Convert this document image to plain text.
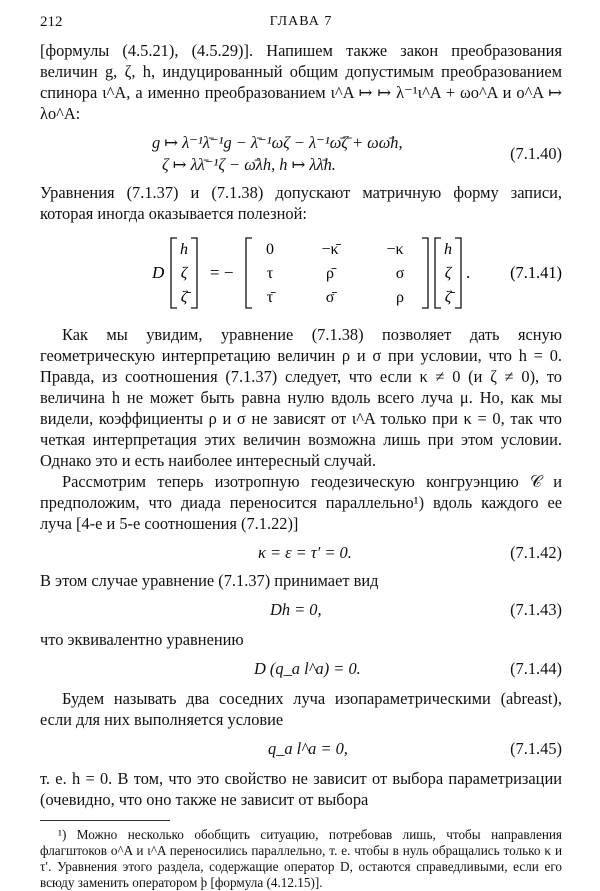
212	ГЛАВА 7

[формулы (4.5.21), (4.5.29)]. Напишем также закон преобразования величин g, ζ, h, индуцированный общим допустимым преобразованием спинора ι^A, а именно преобразованием ι^A ↦ ↦ λ⁻¹ι^A + ωo^A и o^A ↦ λo^A:

g ↦ λ⁻¹λ̄⁻¹g − λ̄⁻¹ωζ − λ⁻¹ω̄ζ̄ + ωω̄h,
ζ ↦ λλ̄⁻¹ζ − ω̄λh, h ↦ λλ̄h.
(7.1.40)

Уравнения (7.1.37) и (7.1.38) допускают матричную форму записи, которая иногда оказывается полезной:

D
h
ζ
ζ̄
= −
0	−κ̄	−κ
τ	ρ̄	σ
τ̄	σ̄	ρ
h
ζ
ζ̄
. (7.1.41)

Как мы увидим, уравнение (7.1.38) позволяет дать ясную геометрическую интерпретацию величин ρ и σ при условии, что h = 0. Правда, из соотношения (7.1.37) следует, что если κ ≠ 0 (и ζ ≠ 0), то величина h не может быть равна нулю вдоль всего луча μ. Но, как мы видели, коэффициенты ρ и σ не зависят от ι^A только при κ = 0, так что четкая интерпретация этих величин возможна лишь при этом условии. Однако это и есть наиболее интересный случай.

Рассмотрим теперь изотропную геодезическую конгруэнцию 𝒞 и предположим, что диада переносится параллельно¹) вдоль каждого ее луча [4-е и 5-е соотношения (7.1.22)]

κ = ε = τ′ = 0.	(7.1.42)

В этом случае уравнение (7.1.37) принимает вид

Dh = 0,	(7.1.43)

что эквивалентно уравнению

D (q_a l^a) = 0.	(7.1.44)

Будем называть два соседних луча изопараметрическими (abreast), если для них выполняется условие

q_a l^a = 0,	(7.1.45)

т. е. h = 0. В том, что это свойство не зависит от выбора параметризации (очевидно, что оно также не зависит от выбора

¹) Можно несколько обобщить ситуацию, потребовав лишь, чтобы направления флагштоков o^A и ι^A переносились параллельно, т. е. чтобы в нуль обращались только κ и τ′. Уравнения этого раздела, содержащие оператор D, остаются справедливыми, если его всюду заменить оператором þ [формула (4.12.15)].
